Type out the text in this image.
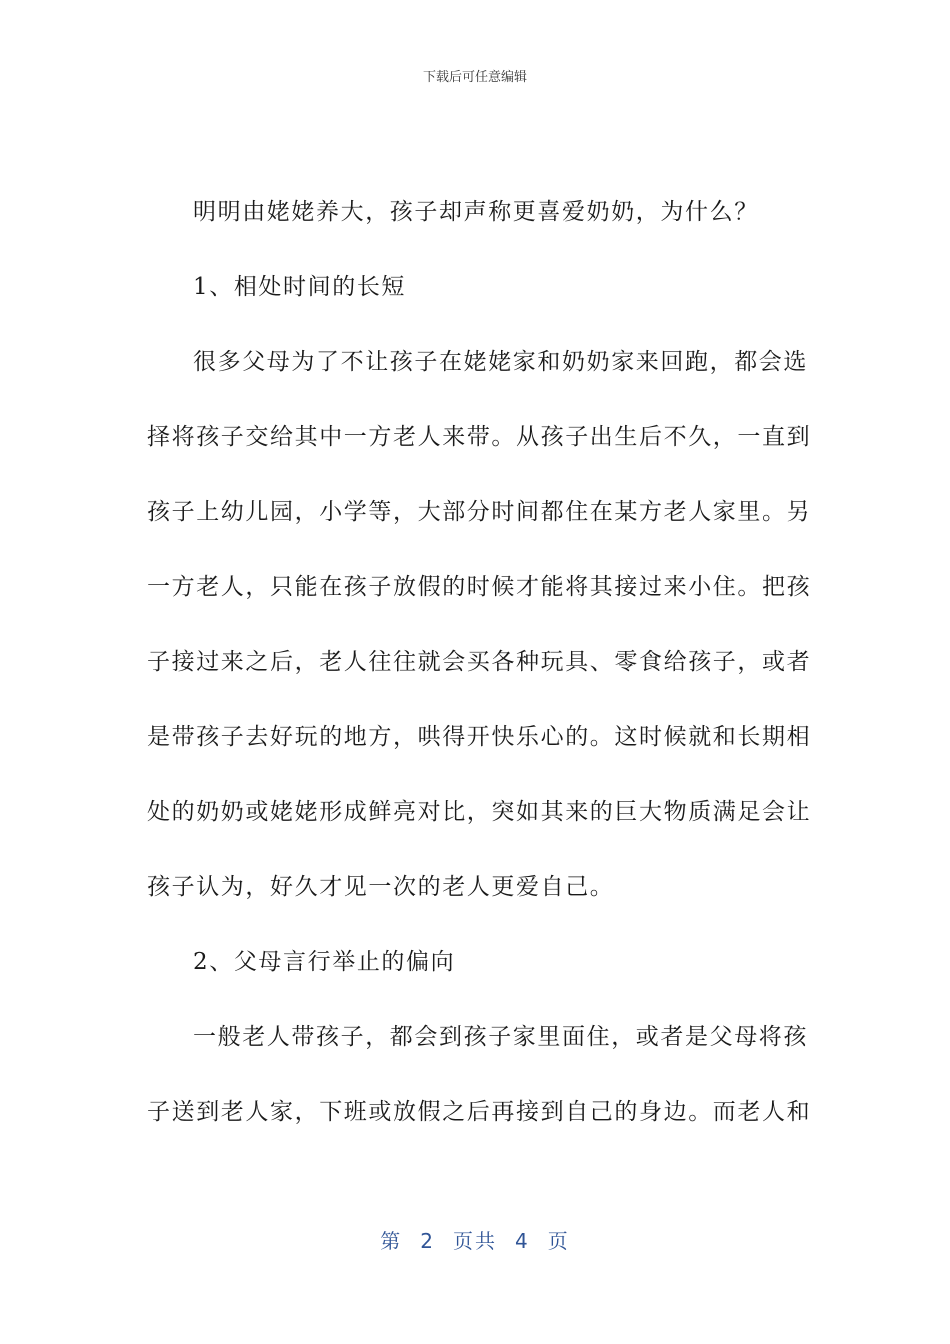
下载后可任意编辑
明明由姥姥养大，孩子却声称更喜爱奶奶，为什么？
1、相处时间的长短
很多父母为了不让孩子在姥姥家和奶奶家来回跑，都会选
择将孩子交给其中一方老人来带。从孩子出生后不久，一直到
孩子上幼儿园，小学等，大部分时间都住在某方老人家里。另
一方老人，只能在孩子放假的时候才能将其接过来小住。把孩
子接过来之后，老人往往就会买各种玩具、零食给孩子，或者
是带孩子去好玩的地方，哄得开快乐心的。这时候就和长期相
处的奶奶或姥姥形成鲜亮对比，突如其来的巨大物质满足会让
孩子认为，好久才见一次的老人更爱自己。
2、父母言行举止的偏向
一般老人带孩子，都会到孩子家里面住，或者是父母将孩
子送到老人家，下班或放假之后再接到自己的身边。而老人和
第 2 页共 4 页
